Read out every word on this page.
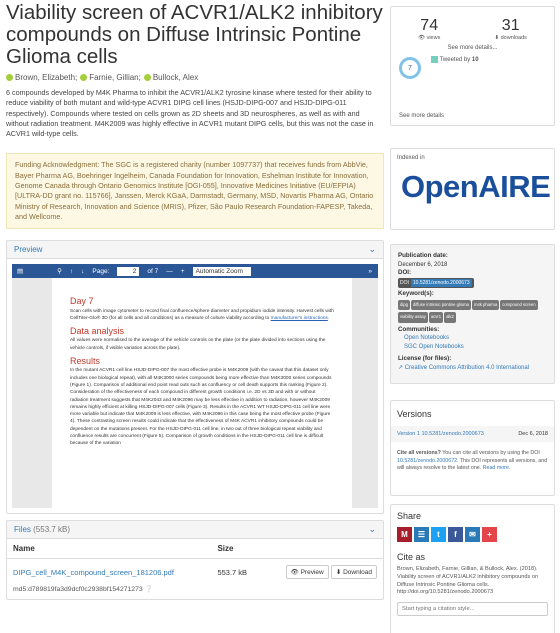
Viability screen of ACVR1/ALK2 inhibitory compounds on Diffuse Intrinsic Pontine Glioma cells
Brown, Elizabeth;	Farnie, Gillian;	Bullock, Alex

6 compounds developed by M4K Pharma to inhibit the ACVR1/ALK2 tyrosine kinase where tested for their ability to reduce viability of both mutant and wild-type ACVR1 DIPG cell lines (HSJD-DIPG-007 and HSJD-DIPG-011 respectively). Compounds where tested on cells grown as 2D sheets and 3D neurospheres, as well as with and without radiation treatment. M4K2009 was highly effective in ACVR1 mutant DIPG cells, but this was not the case in ACVR1 wild-type cells.

Funding Acknowledgment: The SGC is a registered charity (number 1097737) that receives funds from AbbVie, Bayer Pharma AG, Boehringer Ingelheim, Canada Foundation for Innovation, Eshelman Institute for Innovation, Genome Canada through Ontario Genomics Institute [OGI-055], Innovative Medicines Initiative (EU/EFPIA) [ULTRA-DD grant no. 115766], Janssen, Merck KGaA, Darmstadt, Germany, MSD, Novartis Pharma AG, Ontario Ministry of Research, Innovation and Science (MRIS), Pfizer, São Paulo Research Foundation-FAPESP, Takeda, and Wellcome.
Preview	⌄
▤	⚲ ↑ ↓ Page:	2	of 7 — +	Automatic Zoom	»
Day 7

Scan cells with image cytometer to record final confluence/sphere diameter and propidium iodide intensity. Harvest cells with CellTiter-Glo® 3D (for all cells and all conditions) as a measure of culture viability according to manufacturer's instructions.

Data analysis

All values were normalised to the average of the vehicle controls on the plate (or the plate divided into sections using the vehicle controls, if visible variation across the plate).

Results

In the mutant ACVR1 cell line HSJD-DIPG-007 the most effective probe is M4K2009 (with the caveat that this dataset only includes one biological repeat), with all M4K3000 series compounds being more effective than M4K3000 series compounds (Figure 1). Comparison of additional end point read outs such as confluency or cell death supports this ranking (Figure 2). Consideration of the effectiveness of each compound in different growth conditions i.e. 2D vs 3D and with or without radiation treatment suggests that M4K2043 and M4K2096 may be less effective in addition to radiation, however M4K2009 remains highly efficient at killing HSJD-DIPG-007 cells (Figure 3). Results in the ACVR1 WT HSJD-DIPG-011 cell line were more variable but indicate that M4K2009 is less effective, with M4K2096 in this case being the most effective probe (Figure 4). These contrasting screen results could indicate that the effectiveness of M4K ACVR1 inhibitory compounds could be dependent on the mutations present. For the HSJD-DIPG-011 cell line, in two out of three biological repeat viability and confluence results are concurrent (Figure 5). Comparison of growth conditions in the HSJD-DIPG-011 cell line is difficult because of the variation

Files (553.7 kB)	⌄
Name	Size	
DIPG_cell_M4K_compound_screen_181206.pdf	553.7 kB	👁 Preview ⬇ Download
md5:d789819fa3d9dcf0c2938bf154271273 ❔
74
👁 views
31
⬇ downloads
See more details...
7
Tweeted by 10
See more details
Indexed in
OpenAIRE
Publication date:
December 6, 2018
DOI:
DOI 10.5281/zenodo.2000673
Keyword(s):
dipg diffuse intrinsic pontine glioma m4k pharma compound screenviability assay acvr1 alk2
Communities:
Open Notebooks
SGC Open Notebooks
License (for files):
↗ Creative Commons Attribution 4.0 International
Versions
Version 1 10.5281/zenodo.2000673	Dec 6, 2018
Cite all versions? You can cite all versions by using the DOI 10.5281/zenodo.2000672. This DOI represents all versions, and will always resolve to the latest one. Read more.
Share
M	☰	t	f	✉	+
Cite as
Brown, Elizabeth, Farnie, Gillian, & Bullock, Alex. (2018). Viability screen of ACVR1/ALK2 inhibitory compounds on Diffuse Intrinsic Pontine Glioma cells. http://doi.org/10.5281/zenodo.2000673
Start typing a citation style...
